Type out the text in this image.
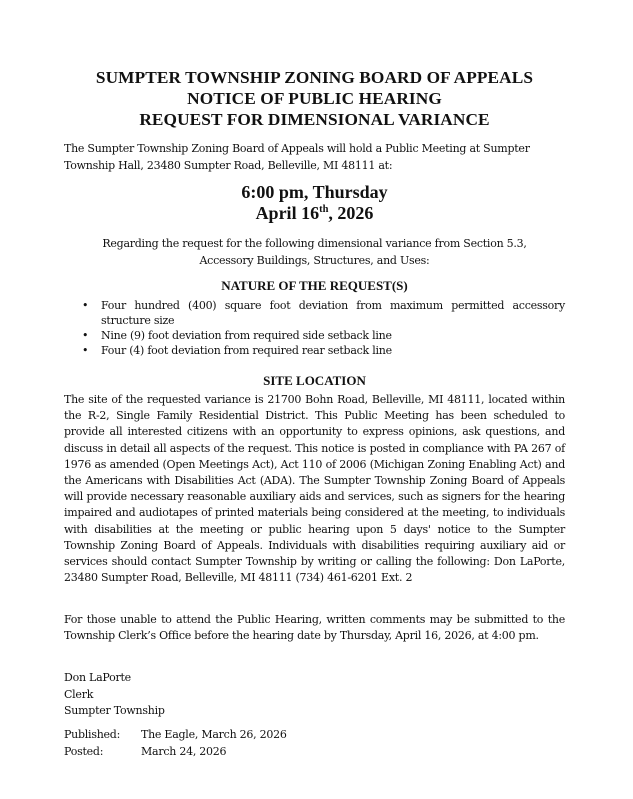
SUMPTER TOWNSHIP ZONING BOARD OF APPEALS
NOTICE OF PUBLIC HEARING
REQUEST FOR DIMENSIONAL VARIANCE

The Sumpter Township Zoning Board of Appeals will hold a Public Meeting at Sumpter Township Hall, 23480 Sumpter Road, Belleville, MI 48111 at:

6:00 pm, Thursday
April 16th, 2026
Regarding the request for the following dimensional variance from Section 5.3,
Accessory Buildings, Structures, and Uses:
NATURE OF THE REQUEST(S)
• Four hundred (400) square foot deviation from maximum permitted accessory structure size
• Nine (9) foot deviation from required side setback line
• Four (4) foot deviation from required rear setback line
SITE LOCATION

The site of the requested variance is 21700 Bohn Road, Belleville, MI 48111, located within the R-2, Single Family Residential District. This Public Meeting has been scheduled to provide all interested citizens with an opportunity to express opinions, ask questions, and discuss in detail all aspects of the request. This notice is posted in compliance with PA 267 of 1976 as amended (Open Meetings Act), Act 110 of 2006 (Michigan Zoning Enabling Act) and the Americans with Disabilities Act (ADA). The Sumpter Township Zoning Board of Appeals will provide necessary reasonable auxiliary aids and services, such as signers for the hearing impaired and audiotapes of printed materials being considered at the meeting, to individuals with disabilities at the meeting or public hearing upon 5 days' notice to the Sumpter Township Zoning Board of Appeals. Individuals with disabilities requiring auxiliary aid or services should contact Sumpter Township by writing or calling the following: Don LaPorte, 23480 Sumpter Road, Belleville, MI 48111 (734) 461-6201 Ext. 2

For those unable to attend the Public Hearing, written comments may be submitted to the Township Clerk’s Office before the hearing date by Thursday, April 16, 2026, at 4:00 pm.

Don LaPorte
Clerk
Sumpter Township
Published:	The Eagle, March 26, 2026
Posted:	March 24, 2026
